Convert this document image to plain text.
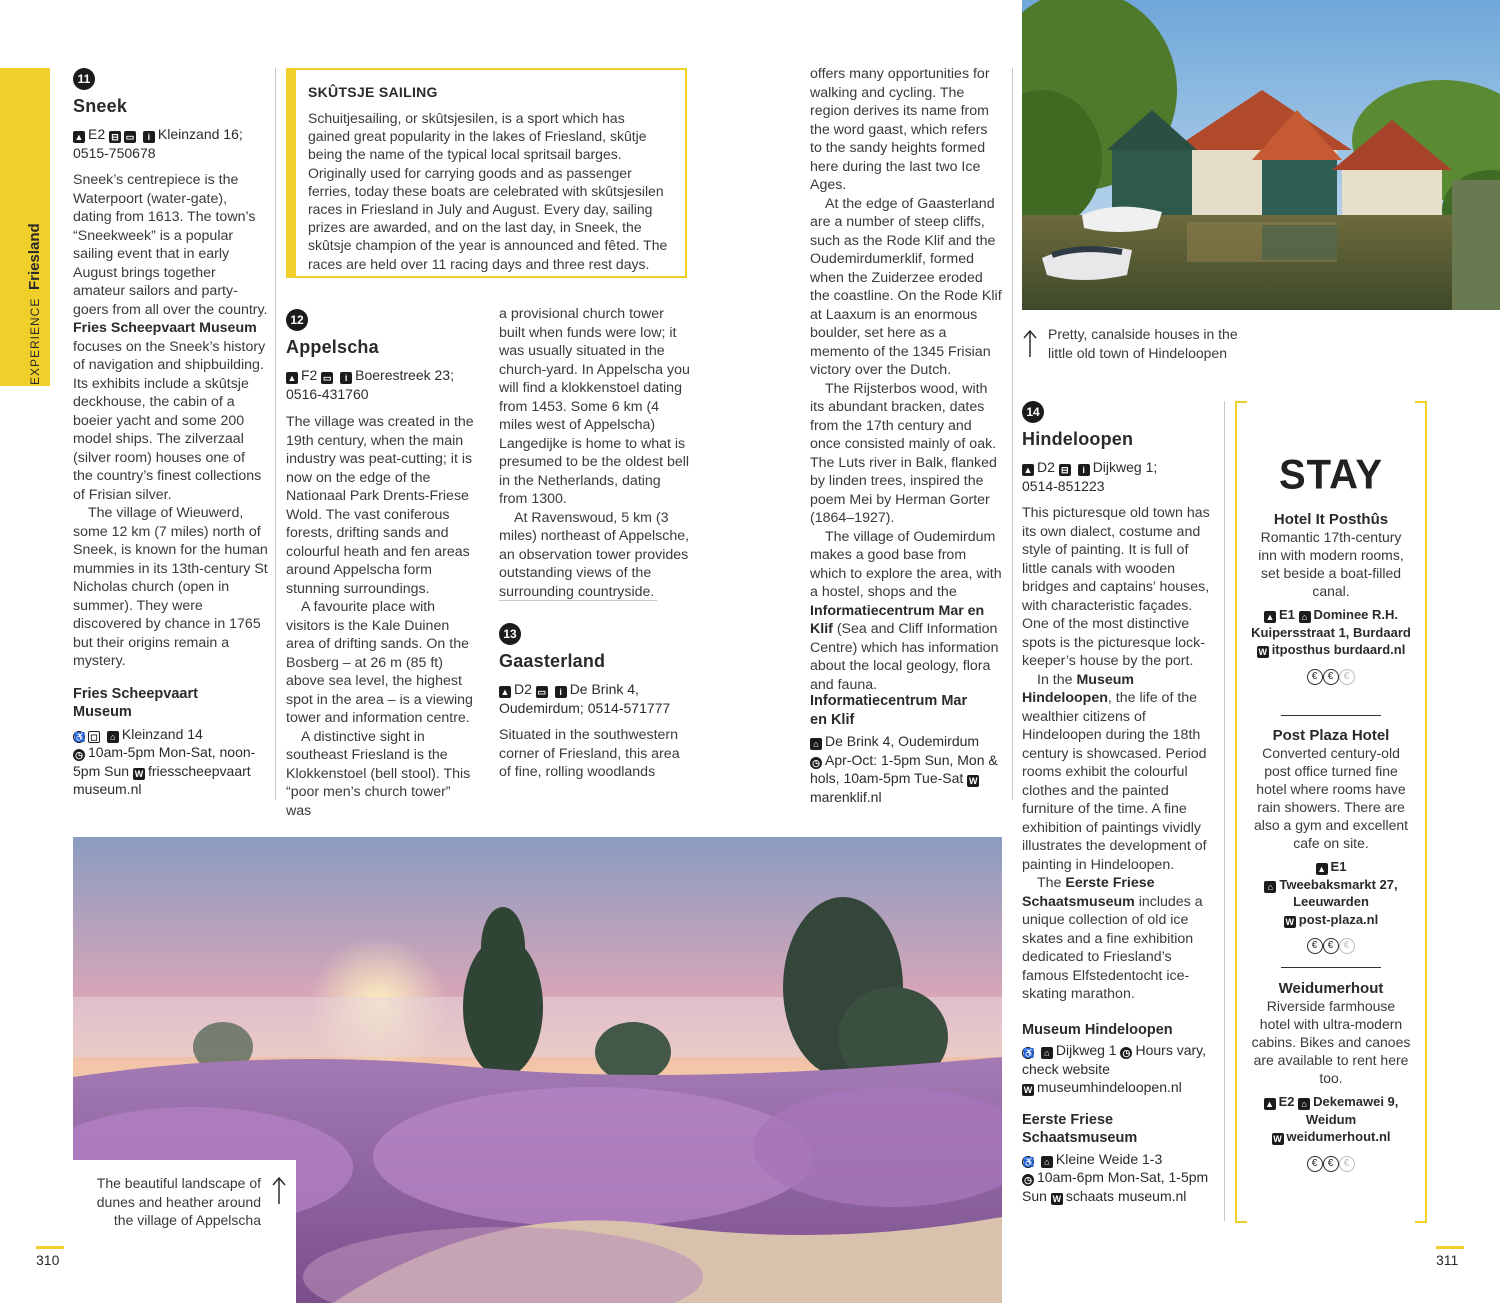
EXPERIENCE Friesland
11
Sneek
▲ E2 ⊟ ▭ i Kleinzand 16;
0515-750678

Sneek’s centrepiece is the Waterpoort (water-gate), dating from 1613. The town’s “Sneekweek” is a popular sailing event that in early August brings together amateur sailors and party-goers from all over the country. Fries Scheepvaart Museum focuses on the Sneek’s history of navigation and shipbuilding. Its exhibits include a skûtsje deckhouse, the cabin of a boeier yacht and some 200 model ships. The zilverzaal (silver room) houses one of the country’s finest collections of Frisian silver.

The village of Wieuwerd, some 12 km (7 miles) north of Sneek, is known for the human mummies in its 13th-century St Nicholas church (open in summer). They were discovered by chance in 1765 but their origins remain a mystery.

Fries Scheepvaart Museum
♿ ◻ ⌂ Kleinzand 14
◷ 10am-5pm Mon-Sat, noon-5pm Sun W friesscheepvaart museum.nl
SKÛTSJE SAILING
Schuitjesailing, or skûtsjesilen, is a sport which has gained great popularity in the lakes of Friesland, skûtje being the name of the typical local spritsail barges. Originally used for carrying goods and as passenger ferries, today these boats are celebrated with skûtsjesilen races in Friesland in July and August. Every day, sailing prizes are awarded, and on the last day, in Sneek, the skûtsje champion of the year is announced and fêted. The races are held over 11 racing days and three rest days.
12
Appelscha
▲ F2 ▭ i Boerestreek 23;
0516-431760

The village was created in the 19th century, when the main industry was peat-cutting; it is now on the edge of the Nationaal Park Drents-Friese Wold. The vast coniferous forests, drifting sands and colourful heath and fen areas around Appelscha form stunning surroundings.

A favourite place with visitors is the Kale Duinen area of drifting sands. On the Bosberg – at 26 m (85 ft) above sea level, the highest spot in the area – is a viewing tower and information centre.

A distinctive sight in southeast Friesland is the Klokkenstoel (bell stool). This “poor men’s church tower” was

a provisional church tower built when funds were low; it was usually situated in the church-yard. In Appelscha you will find a klokkenstoel dating from 1453. Some 6 km (4 miles west of Appelscha) Langedijke is home to what is presumed to be the oldest bell in the Netherlands, dating from 1300.

At Ravenswoud, 5 km (3 miles) northeast of Appelsche, an observation tower provides outstanding views of the surrounding countryside.

13
Gaasterland
▲ D2 ▭ i De Brink 4,
Oudemirdum; 0514-571777
Situated in the southwestern corner of Friesland, this area of fine, rolling woodlands

offers many opportunities for walking and cycling. The region derives its name from the word gaast, which refers to the sandy heights formed here during the last two Ice Ages.

At the edge of Gaasterland are a number of steep cliffs, such as the Rode Klif and the Oudemirdumerklif, formed when the Zuiderzee eroded the coastline. On the Rode Klif at Laaxum is an enormous boulder, set here as a memento of the 1345 Frisian victory over the Dutch.

The Rijsterbos wood, with its abundant bracken, dates from the 17th century and once consisted mainly of oak. The Luts river in Balk, flanked by linden trees, inspired the poem Mei by Herman Gorter (1864–1927).

The village of Oudemirdum makes a good base from which to explore the area, with a hostel, shops and the Informatiecentrum Mar en Klif (Sea and Cliff Information Centre) which has information about the local geology, flora and fauna.

Informatiecentrum Mar en Klif
⌂ De Brink 4, Oudemirdum
◷ Apr-Oct: 1-5pm Sun, Mon & hols, 10am-5pm Tue-Sat Wmarenklif.nl
Pretty, canalside houses in the little old town of Hindeloopen
14
Hindeloopen
▲ D2 ⊟ i Dijkweg 1;
0514-851223

This picturesque old town has its own dialect, costume and style of painting. It is full of little canals with wooden bridges and captains’ houses, with characteristic façades. One of the most distinctive spots is the picturesque lock-keeper’s house by the port.

In the Museum Hindeloopen, the life of the wealthier citizens of Hindeloopen during the 18th century is showcased. Period rooms exhibit the colourful clothes and the painted furniture of the time. A fine exhibition of paintings vividly illustrates the development of painting in Hindeloopen.

The Eerste Friese Schaatsmuseum includes a unique collection of old ice skates and a fine exhibition dedicated to Friesland’s famous Elfstedentocht ice-skating marathon.

Museum Hindeloopen
♿ ⌂ Dijkweg 1 ◷ Hours vary, check website
W museumhindeloopen.nl
Eerste Friese Schaatsmuseum
♿ ⌂ Kleine Weide 1-3
◷ 10am-6pm Mon-Sat, 1-5pm Sun W schaats museum.nl
STAY
Hotel It Posthûs
Romantic 17th-century inn with modern rooms, set beside a boat-filled canal.
▲ E1 ⌂ Dominee R.H. Kuipersstraat 1, Burdaard W itposthus burdaard.nl
€ € €
Post Plaza Hotel
Converted century-old post office turned fine hotel where rooms have rain showers. There are also a gym and excellent cafe on site.
▲ E1
⌂ Tweebaksmarkt 27, Leeuwarden
W post-plaza.nl
€ € €
Weidumerhout
Riverside farmhouse hotel with ultra-modern cabins. Bikes and canoes are available to rent here too.
▲ E2 ⌂ Dekemawei 9, Weidum
W weidumerhout.nl
€ € €
The beautiful landscape of dunes and heather around the village of Appelscha
310	311
